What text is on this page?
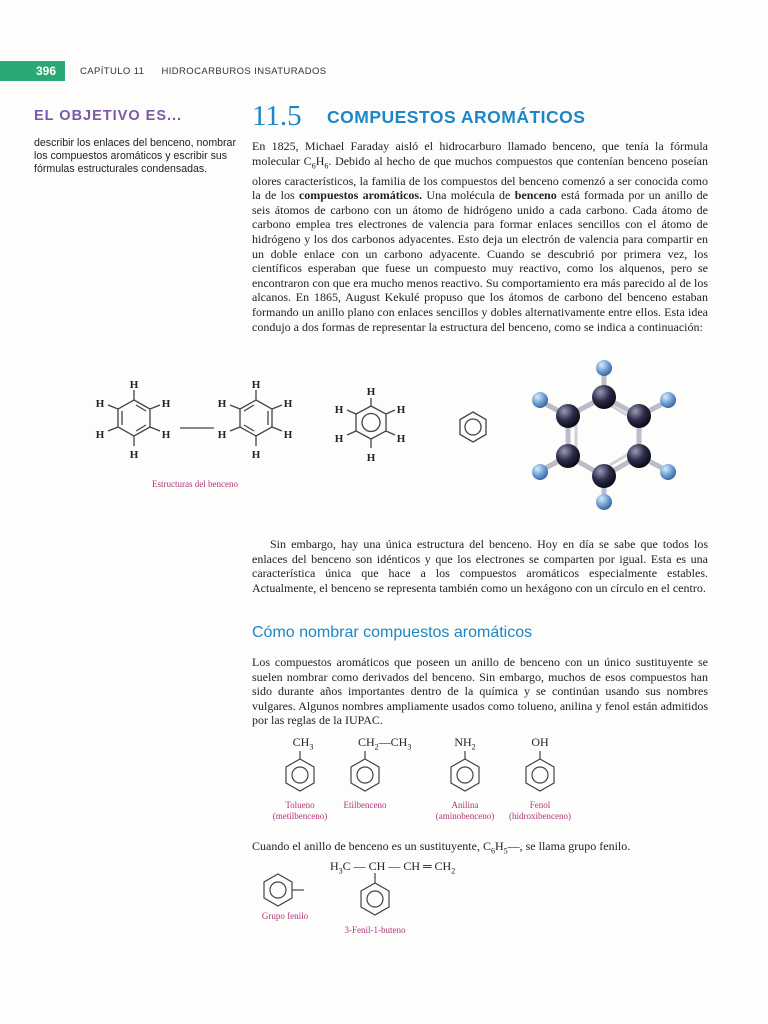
396	CAPÍTULO 11 HIDROCARBUROS INSATURADOS
EL OBJETIVO ES...
describir los enlaces del benceno, nombrar los compuestos aromáticos y escribir sus fórmulas estructurales condensadas.
11.5 COMPUESTOS AROMÁTICOS
En 1825, Michael Faraday aisló el hidrocarburo llamado benceno, que tenía la fórmula molecular $C_6H_6$. Debido al hecho de que muchos compuestos que contenían benceno poseían olores característicos, la familia de los compuestos del benceno comenzó a ser conocida como la de los compuestos aromáticos. Una molécula de benceno está formada por un anillo de seis átomos de carbono con un átomo de hidrógeno unido a cada carbono. Cada átomo de carbono emplea tres electrones de valencia para formar enlaces sencillos con el átomo de hidrógeno y los dos carbonos adyacentes. Esto deja un electrón de valencia para compartir en un doble enlace con un carbono adyacente. Cuando se descubrió por primera vez, los científicos esperaban que fuese un compuesto muy reactivo, como los alquenos, pero se encontraron con que era mucho menos reactivo. Su comportamiento era más parecido al de los alcanos. En 1865, August Kekulé propuso que los átomos de carbono del benceno estaban formando un anillo plano con enlaces sencillos y dobles alternativamente entre ellos. Esta idea condujo a dos formas de representar la estructura del benceno, como se indica a continuación:
H
H
H
H
H
H
H
H
H
H
H
H
H
H
H
H
H
H
Estructuras del benceno
Sin embargo, hay una única estructura del benceno. Hoy en día se sabe que todos los enlaces del benceno son idénticos y que los electrones se comparten por igual. Esta es una característica única que hace a los compuestos aromáticos especialmente estables. Actualmente, el benceno se representa también como un hexágono con un círculo en el centro.
Cómo nombrar compuestos aromáticos
Los compuestos aromáticos que poseen un anillo de benceno con un único sustituyente se suelen nombrar como derivados del benceno. Sin embargo, muchos de esos compuestos han sido durante años importantes dentro de la química y se continúan usando sus nombres vulgares. Algunos nombres ampliamente usados como tolueno, anilina y fenol están admitidos por las reglas de la IUPAC.
$CH_3$
Tolueno
(metilbenceno)
$CH_2—CH_3$
Etilbenceno
$NH_2$
Anilina
(aminobenceno)
OH
Fenol
(hidroxibenceno)
Cuando el anillo de benceno es un sustituyente, $C_6H_5—$, se llama grupo fenilo.
Grupo fenilo
$H_3C$ — CH — CH ═ $CH_2$
3-Fenil-1-buteno
